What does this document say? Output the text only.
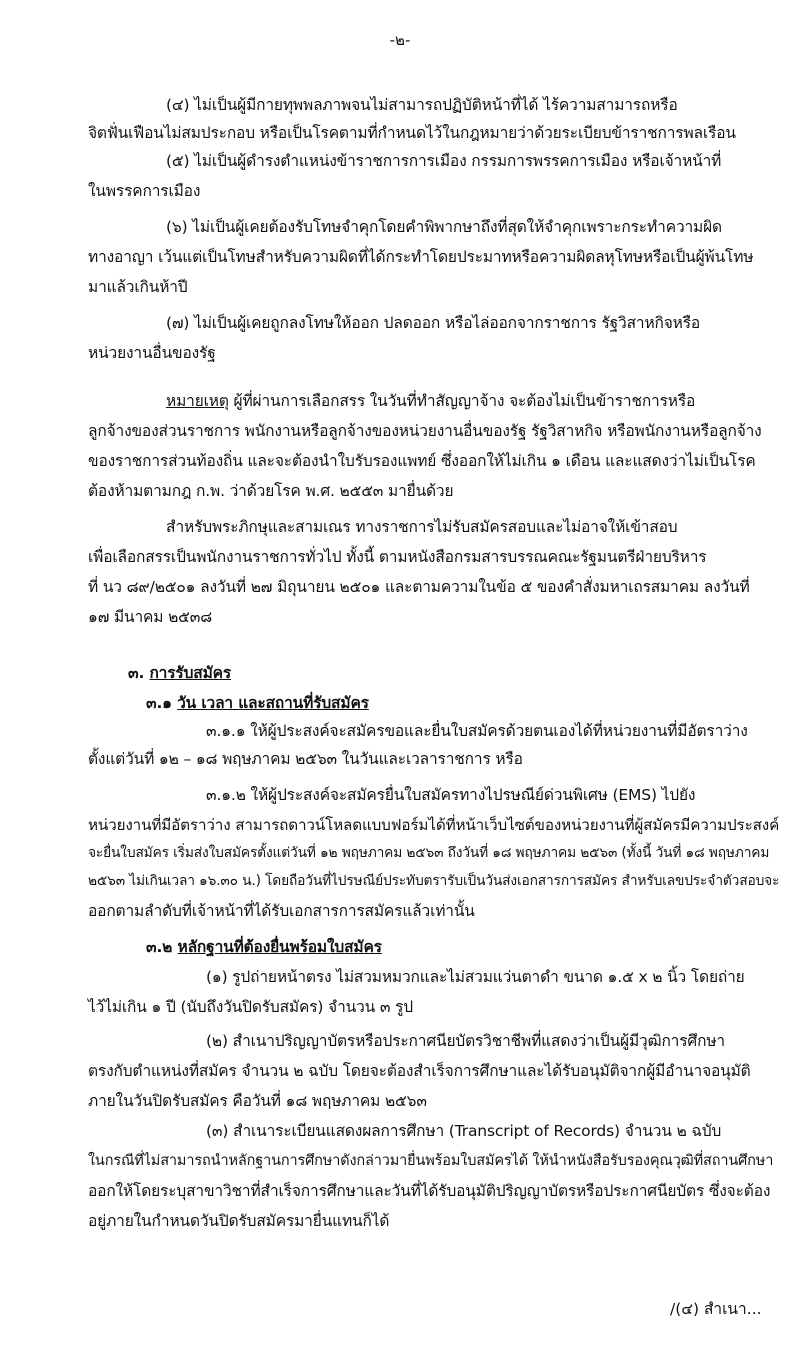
-๒-
(๔) ไม่เป็นผู้มีกายทุพพลภาพจนไม่สามารถปฏิบัติหน้าที่ได้ ไร้ความสามารถหรือ
จิตฟั่นเฟือนไม่สมประกอบ หรือเป็นโรคตามที่กำหนดไว้ในกฎหมายว่าด้วยระเบียบข้าราชการพลเรือน
(๕) ไม่เป็นผู้ดำรงตำแหน่งข้าราชการการเมือง กรรมการพรรคการเมือง หรือเจ้าหน้าที่
ในพรรคการเมือง
(๖) ไม่เป็นผู้เคยต้องรับโทษจำคุกโดยคำพิพากษาถึงที่สุดให้จำคุกเพราะกระทำความผิด
ทางอาญา เว้นแต่เป็นโทษสำหรับความผิดที่ได้กระทำโดยประมาทหรือความผิดลหุโทษหรือเป็นผู้พ้นโทษ
มาแล้วเกินห้าปี
(๗) ไม่เป็นผู้เคยถูกลงโทษให้ออก ปลดออก หรือไล่ออกจากราชการ รัฐวิสาหกิจหรือ
หน่วยงานอื่นของรัฐ
หมายเหตุ ผู้ที่ผ่านการเลือกสรร ในวันที่ทำสัญญาจ้าง จะต้องไม่เป็นข้าราชการหรือ
ลูกจ้างของส่วนราชการ พนักงานหรือลูกจ้างของหน่วยงานอื่นของรัฐ รัฐวิสาหกิจ หรือพนักงานหรือลูกจ้าง
ของราชการส่วนท้องถิ่น และจะต้องนำใบรับรองแพทย์ ซึ่งออกให้ไม่เกิน ๑ เดือน และแสดงว่าไม่เป็นโรค
ต้องห้ามตามกฎ ก.พ. ว่าด้วยโรค พ.ศ. ๒๕๕๓ มายื่นด้วย
สำหรับพระภิกษุและสามเณร ทางราชการไม่รับสมัครสอบและไม่อาจให้เข้าสอบ
เพื่อเลือกสรรเป็นพนักงานราชการทั่วไป ทั้งนี้ ตามหนังสือกรมสารบรรณคณะรัฐมนตรีฝ่ายบริหาร
ที่ นว ๘๙/๒๕๐๑ ลงวันที่ ๒๗ มิถุนายน ๒๕๐๑ และตามความในข้อ ๕ ของคำสั่งมหาเถรสมาคม ลงวันที่
๑๗ มีนาคม ๒๕๓๘
๓. การรับสมัคร
๓.๑ วัน เวลา และสถานที่รับสมัคร
๓.๑.๑ ให้ผู้ประสงค์จะสมัครขอและยื่นใบสมัครด้วยตนเองได้ที่หน่วยงานที่มีอัตราว่าง
ตั้งแต่วันที่ ๑๒ – ๑๘ พฤษภาคม ๒๕๖๓ ในวันและเวลาราชการ หรือ
๓.๑.๒ ให้ผู้ประสงค์จะสมัครยื่นใบสมัครทางไปรษณีย์ด่วนพิเศษ (EMS) ไปยัง
หน่วยงานที่มีอัตราว่าง สามารถดาวน์โหลดแบบฟอร์มได้ที่หน้าเว็บไซต์ของหน่วยงานที่ผู้สมัครมีความประสงค์
จะยื่นใบสมัคร เริ่มส่งใบสมัครตั้งแต่วันที่ ๑๒ พฤษภาคม ๒๕๖๓ ถึงวันที่ ๑๘ พฤษภาคม ๒๕๖๓ (ทั้งนี้ วันที่ ๑๘ พฤษภาคม
๒๕๖๓ ไม่เกินเวลา ๑๖.๓๐ น.) โดยถือวันที่ไปรษณีย์ประทับตรารับเป็นวันส่งเอกสารการสมัคร สำหรับเลขประจำตัวสอบจะ
ออกตามลำดับที่เจ้าหน้าที่ได้รับเอกสารการสมัครแล้วเท่านั้น
๓.๒ หลักฐานที่ต้องยื่นพร้อมใบสมัคร
(๑) รูปถ่ายหน้าตรง ไม่สวมหมวกและไม่สวมแว่นตาดำ ขนาด ๑.๕ x ๒ นิ้ว โดยถ่าย
ไว้ไม่เกิน ๑ ปี (นับถึงวันปิดรับสมัคร) จำนวน ๓ รูป
(๒) สำเนาปริญญาบัตรหรือประกาศนียบัตรวิชาชีพที่แสดงว่าเป็นผู้มีวุฒิการศึกษา
ตรงกับตำแหน่งที่สมัคร จำนวน ๒ ฉบับ โดยจะต้องสำเร็จการศึกษาและได้รับอนุมัติจากผู้มีอำนาจอนุมัติ
ภายในวันปิดรับสมัคร คือวันที่ ๑๘ พฤษภาคม ๒๕๖๓
(๓) สำเนาระเบียนแสดงผลการศึกษา (Transcript of Records) จำนวน ๒ ฉบับ
ในกรณีที่ไม่สามารถนำหลักฐานการศึกษาดังกล่าวมายื่นพร้อมใบสมัครได้ ให้นำหนังสือรับรองคุณวุฒิที่สถานศึกษา
ออกให้โดยระบุสาขาวิชาที่สำเร็จการศึกษาและวันที่ได้รับอนุมัติปริญญาบัตรหรือประกาศนียบัตร ซึ่งจะต้อง
อยู่ภายในกำหนดวันปิดรับสมัครมายื่นแทนก็ได้
/(๔) สำเนา...
